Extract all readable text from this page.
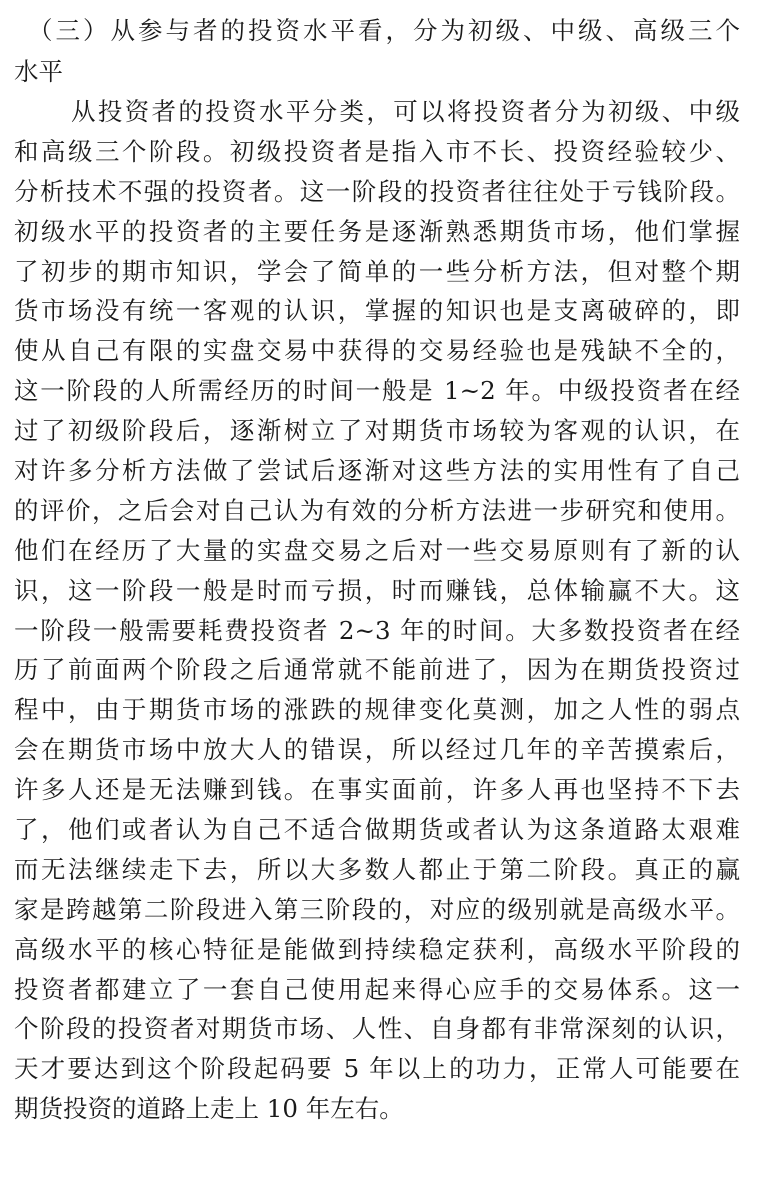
（三）从参与者的投资水平看，分为初级、中级、高级三个
水平
从投资者的投资水平分类，可以将投资者分为初级、中级
和高级三个阶段。初级投资者是指入市不长、投资经验较少、
分析技术不强的投资者。这一阶段的投资者往往处于亏钱阶段。
初级水平的投资者的主要任务是逐渐熟悉期货市场，他们掌握
了初步的期市知识，学会了简单的一些分析方法，但对整个期
货市场没有统一客观的认识，掌握的知识也是支离破碎的，即
使从自己有限的实盘交易中获得的交易经验也是残缺不全的，
这一阶段的人所需经历的时间一般是 1~2 年。中级投资者在经
过了初级阶段后，逐渐树立了对期货市场较为客观的认识，在
对许多分析方法做了尝试后逐渐对这些方法的实用性有了自己
的评价，之后会对自己认为有效的分析方法进一步研究和使用。
他们在经历了大量的实盘交易之后对一些交易原则有了新的认
识，这一阶段一般是时而亏损，时而赚钱，总体输赢不大。这
一阶段一般需要耗费投资者 2~3 年的时间。大多数投资者在经
历了前面两个阶段之后通常就不能前进了，因为在期货投资过
程中，由于期货市场的涨跌的规律变化莫测，加之人性的弱点
会在期货市场中放大人的错误，所以经过几年的辛苦摸索后，
许多人还是无法赚到钱。在事实面前，许多人再也坚持不下去
了，他们或者认为自己不适合做期货或者认为这条道路太艰难
而无法继续走下去，所以大多数人都止于第二阶段。真正的赢
家是跨越第二阶段进入第三阶段的，对应的级别就是高级水平。
高级水平的核心特征是能做到持续稳定获利，高级水平阶段的
投资者都建立了一套自己使用起来得心应手的交易体系。这一
个阶段的投资者对期货市场、人性、自身都有非常深刻的认识，
天才要达到这个阶段起码要 5 年以上的功力，正常人可能要在
期货投资的道路上走上 10 年左右。
